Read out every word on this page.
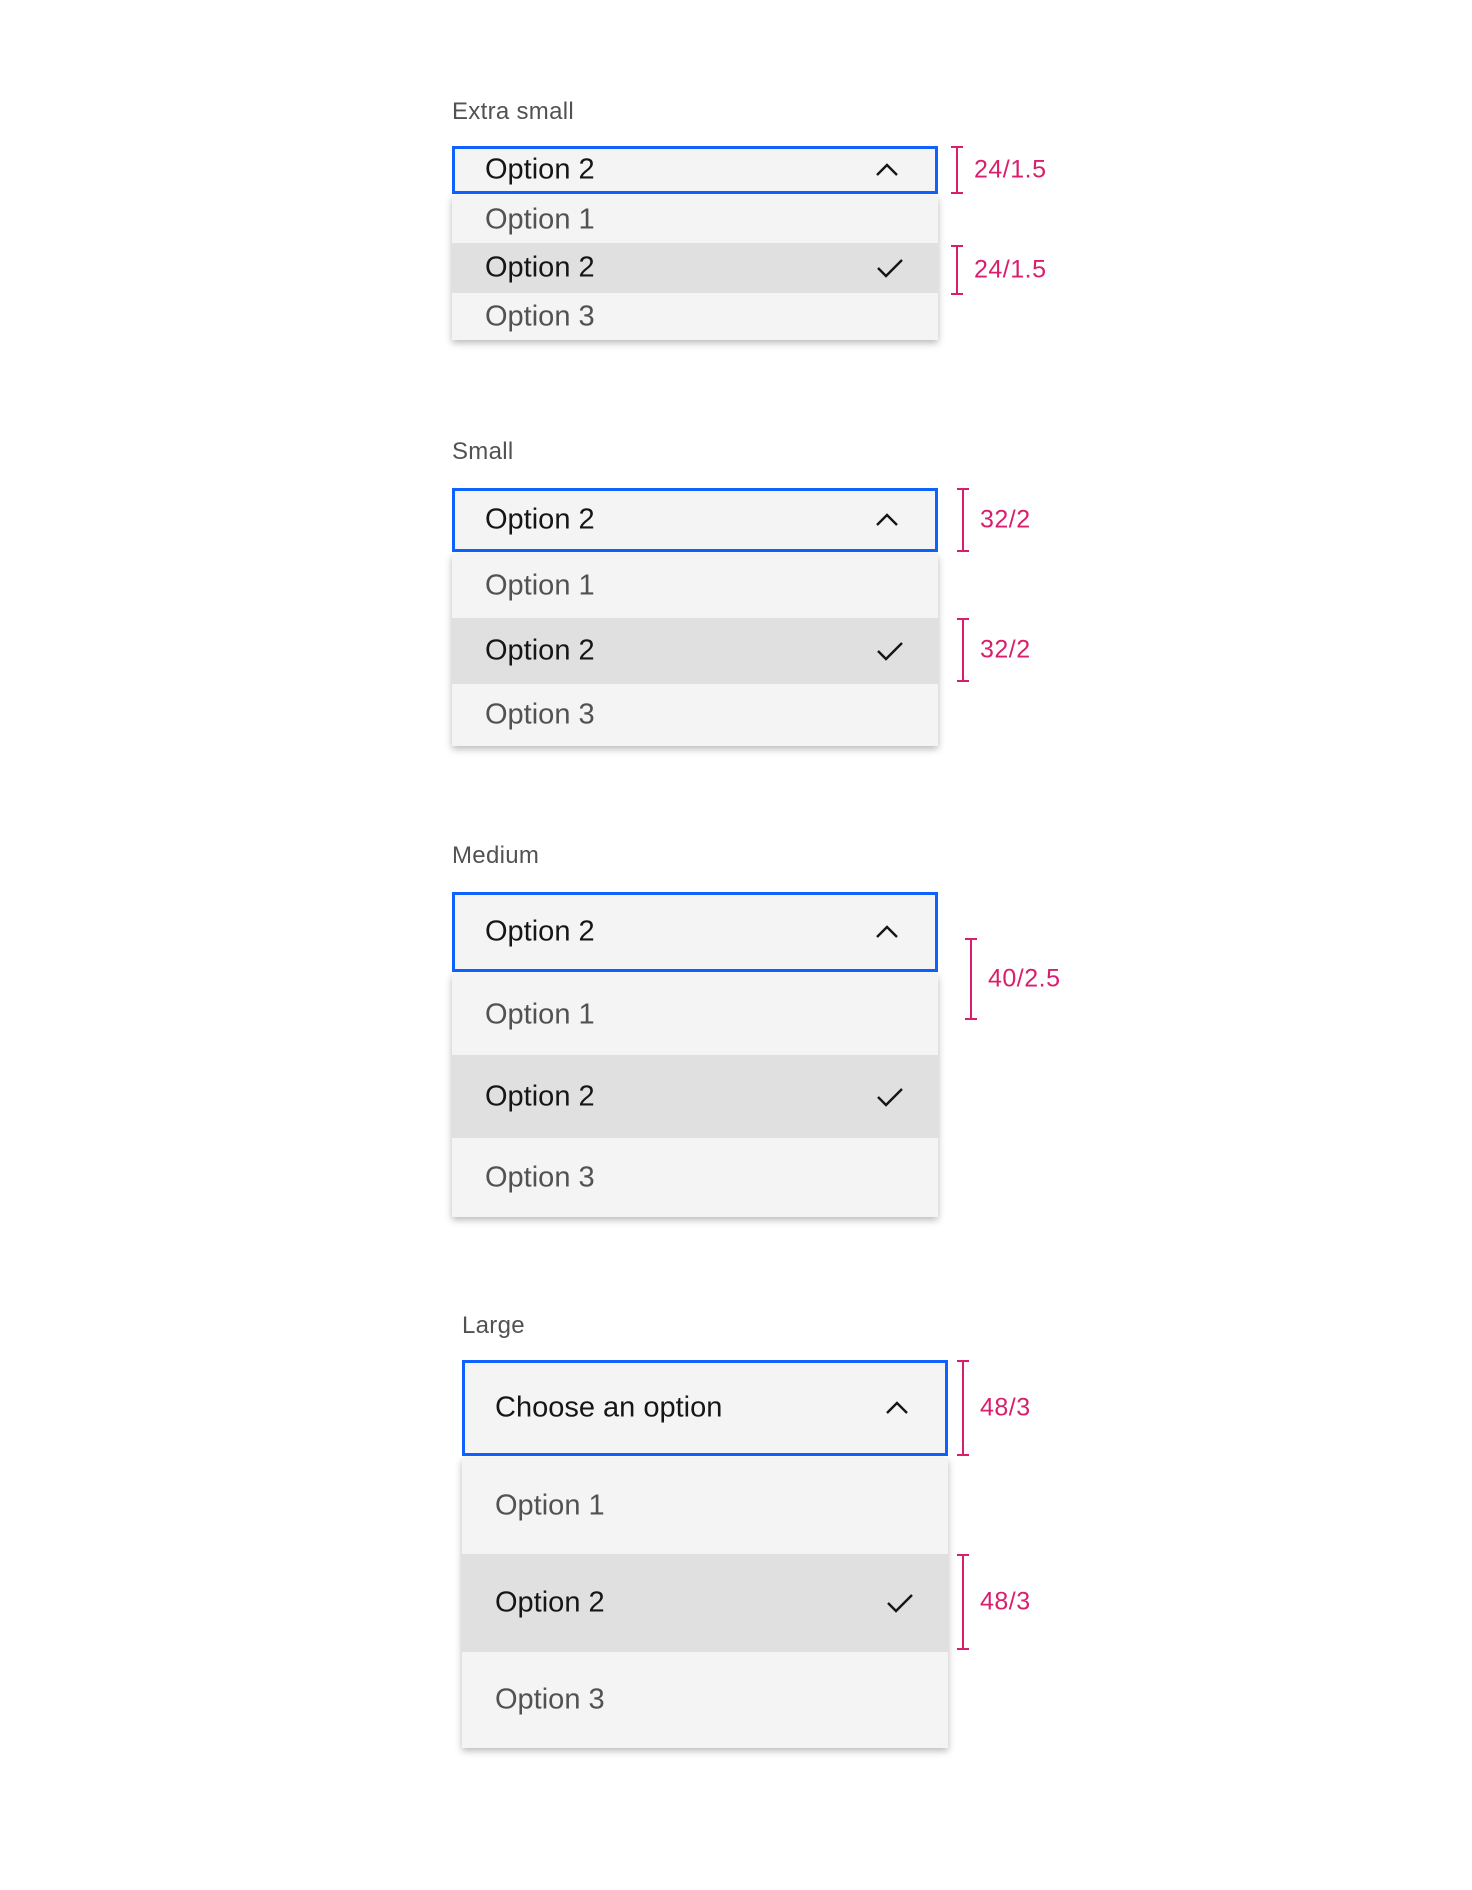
Extra small
Option 2
Option 1
Option 2
Option 3
24/1.5
24/1.5
Small
Option 2
Option 1
Option 2
Option 3
32/2
32/2
Medium
Option 2
Option 1
Option 2
Option 3
40/2.5
Large
Choose an option
Option 1
Option 2
Option 3
48/3
48/3
